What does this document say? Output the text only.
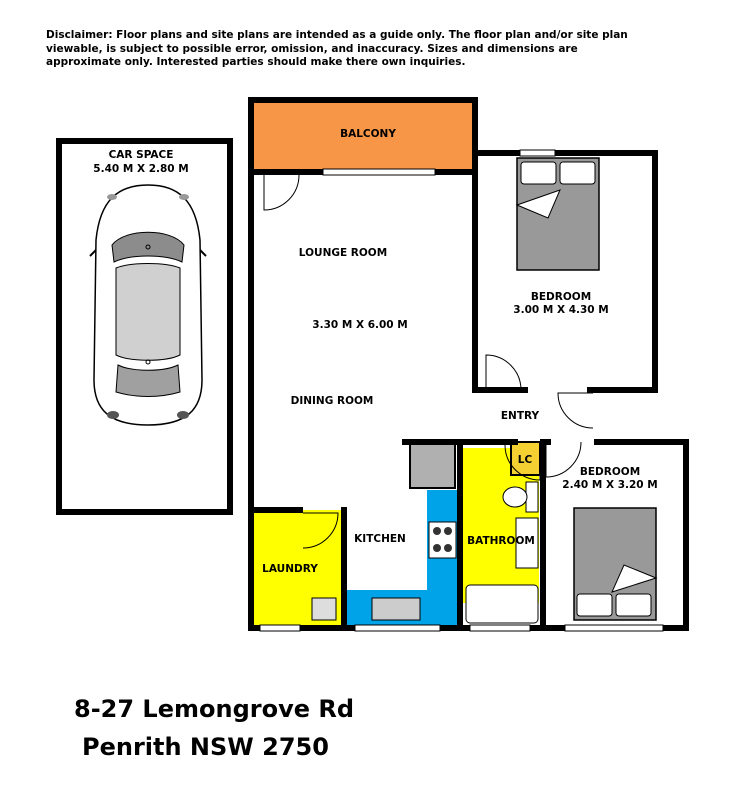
Disclaimer: Floor plans and site plans are intended as a guide only. The floor plan and/or site plan viewable, is subject to possible error, omission, and inaccuracy. Sizes and dimensions are approximate only. Interested parties should make there own inquiries.
CAR SPACE
5.40 M X 2.80 M
BALCONY
LOUNGE ROOM
3.30 M X 6.00 M
DINING ROOM
BEDROOM
3.00 M X 4.30 M
ENTRY
BEDROOM
2.40 M X 3.20 M
KITCHEN
LAUNDRY
BATHROOM
LC
8-27 Lemongrove Rd
Penrith NSW 2750
